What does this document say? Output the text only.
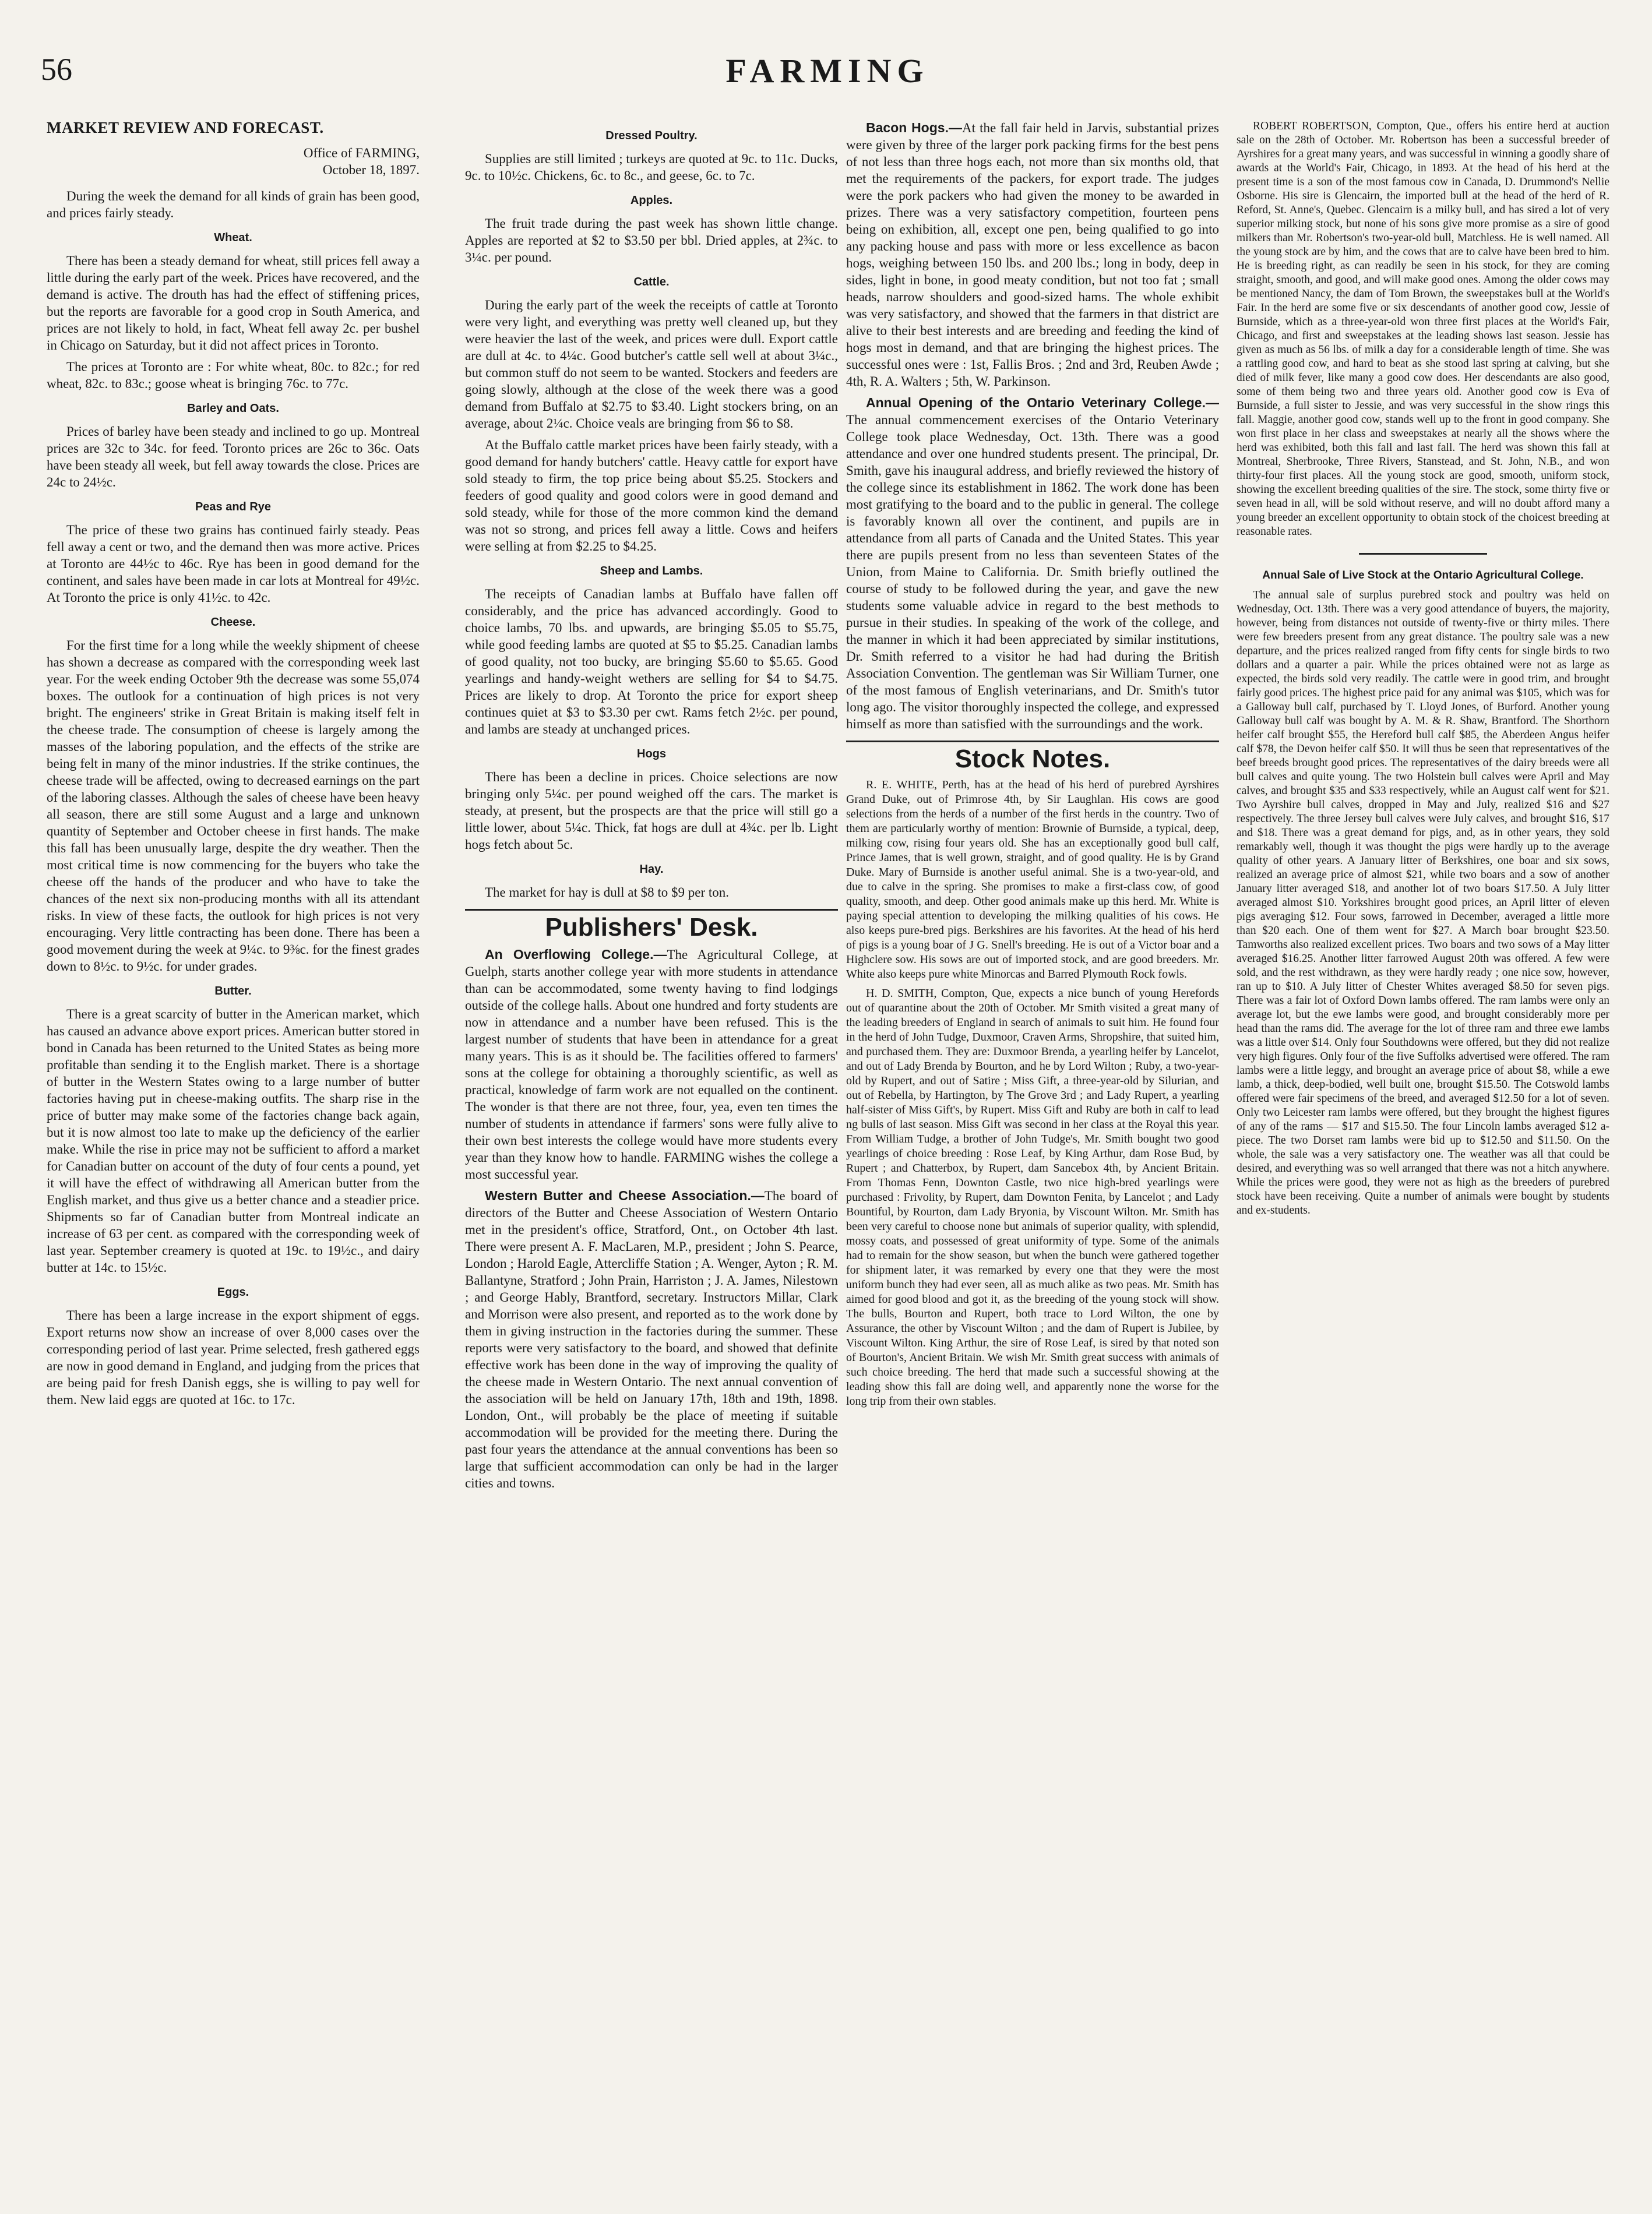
56	FARMING
MARKET REVIEW AND FORECAST.
Office of FARMING,
October 18, 1897.

During the week the demand for all kinds of grain has been good, and prices fairly steady.

Wheat.

There has been a steady demand for wheat, still prices fell away a little during the early part of the week. Prices have recovered, and the demand is active. The drouth has had the effect of stiffening prices, but the reports are favorable for a good crop in South America, and prices are not likely to hold, in fact, Wheat fell away 2c. per bushel in Chicago on Saturday, but it did not affect prices in Toronto.

The prices at Toronto are : For white wheat, 80c. to 82c.; for red wheat, 82c. to 83c.; goose wheat is bringing 76c. to 77c.

Barley and Oats.

Prices of barley have been steady and inclined to go up. Montreal prices are 32c to 34c. for feed. Toronto prices are 26c to 36c. Oats have been steady all week, but fell away towards the close. Prices are 24c to 24½c.

Peas and Rye

The price of these two grains has continued fairly steady. Peas fell away a cent or two, and the demand then was more active. Prices at Toronto are 44½c to 46c. Rye has been in good demand for the continent, and sales have been made in car lots at Montreal for 49½c. At Toronto the price is only 41½c. to 42c.

Cheese.

For the first time for a long while the weekly shipment of cheese has shown a decrease as compared with the corresponding week last year. For the week ending October 9th the decrease was some 55,074 boxes. The outlook for a continuation of high prices is not very bright. The engineers' strike in Great Britain is making itself felt in the cheese trade. The consumption of cheese is largely among the masses of the laboring population, and the effects of the strike are being felt in many of the minor industries. If the strike continues, the cheese trade will be affected, owing to decreased earnings on the part of the laboring classes. Although the sales of cheese have been heavy all season, there are still some August and a large and unknown quantity of September and October cheese in first hands. The make this fall has been unusually large, despite the dry weather. Then the most critical time is now commencing for the buyers who take the cheese off the hands of the producer and who have to take the chances of the next six non-producing months with all its attendant risks. In view of these facts, the outlook for high prices is not very encouraging. Very little contracting has been done. There has been a good movement during the week at 9¼c. to 9⅜c. for the finest grades down to 8½c. to 9½c. for under grades.

Butter.

There is a great scarcity of butter in the American market, which has caused an advance above export prices. American butter stored in bond in Canada has been returned to the United States as being more profitable than sending it to the English market. There is a shortage of butter in the Western States owing to a large number of butter factories having put in cheese-making outfits. The sharp rise in the price of butter may make some of the factories change back again, but it is now almost too late to make up the deficiency of the earlier make. While the rise in price may not be sufficient to afford a market for Canadian butter on account of the duty of four cents a pound, yet it will have the effect of withdrawing all American butter from the English market, and thus give us a better chance and a steadier price. Shipments so far of Canadian butter from Montreal indicate an increase of 63 per cent. as compared with the corresponding week of last year. September creamery is quoted at 19c. to 19½c., and dairy butter at 14c. to 15½c.

Eggs.

There has been a large increase in the export shipment of eggs. Export returns now show an increase of over 8,000 cases over the corresponding period of last year. Prime selected, fresh gathered eggs are now in good demand in England, and judging from the prices that are being paid for fresh Danish eggs, she is willing to pay well for them. New laid eggs are quoted at 16c. to 17c.

Dressed Poultry.

Supplies are still limited ; turkeys are quoted at 9c. to 11c. Ducks, 9c. to 10½c. Chickens, 6c. to 8c., and geese, 6c. to 7c.

Apples.

The fruit trade during the past week has shown little change. Apples are reported at $2 to $3.50 per bbl. Dried apples, at 2¾c. to 3¼c. per pound.

Cattle.

During the early part of the week the receipts of cattle at Toronto were very light, and everything was pretty well cleaned up, but they were heavier the last of the week, and prices were dull. Export cattle are dull at 4c. to 4¼c. Good butcher's cattle sell well at about 3¼c., but common stuff do not seem to be wanted. Stockers and feeders are going slowly, although at the close of the week there was a good demand from Buffalo at $2.75 to $3.40. Light stockers bring, on an average, about 2¼c. Choice veals are bringing from $6 to $8.

At the Buffalo cattle market prices have been fairly steady, with a good demand for handy butchers' cattle. Heavy cattle for export have sold steady to firm, the top price being about $5.25. Stockers and feeders of good quality and good colors were in good demand and sold steady, while for those of the more common kind the demand was not so strong, and prices fell away a little. Cows and heifers were selling at from $2.25 to $4.25.

Sheep and Lambs.

The receipts of Canadian lambs at Buffalo have fallen off considerably, and the price has advanced accordingly. Good to choice lambs, 70 lbs. and upwards, are bringing $5.05 to $5.75, while good feeding lambs are quoted at $5 to $5.25. Canadian lambs of good quality, not too bucky, are bringing $5.60 to $5.65. Good yearlings and handy-weight wethers are selling for $4 to $4.75. Prices are likely to drop. At Toronto the price for export sheep continues quiet at $3 to $3.30 per cwt. Rams fetch 2½c. per pound, and lambs are steady at unchanged prices.

Hogs

There has been a decline in prices. Choice selections are now bringing only 5¼c. per pound weighed off the cars. The market is steady, at present, but the prospects are that the price will still go a little lower, about 5¼c. Thick, fat hogs are dull at 4¾c. per lb. Light hogs fetch about 5c.

Hay.

The market for hay is dull at $8 to $9 per ton.

Publishers' Desk.

An Overflowing College.—The Agricultural College, at Guelph, starts another college year with more students in attendance than can be accommodated, some twenty having to find lodgings outside of the college halls. About one hundred and forty students are now in attendance and a number have been refused. This is the largest number of students that have been in attendance for a great many years. This is as it should be. The facilities offered to farmers' sons at the college for obtaining a thoroughly scientific, as well as practical, knowledge of farm work are not equalled on the continent. The wonder is that there are not three, four, yea, even ten times the number of students in attendance if farmers' sons were fully alive to their own best interests the college would have more students every year than they know how to handle. FARMING wishes the college a most successful year.

Western Butter and Cheese Association.—The board of directors of the Butter and Cheese Association of Western Ontario met in the president's office, Stratford, Ont., on October 4th last. There were present A. F. MacLaren, M.P., president ; John S. Pearce, London ; Harold Eagle, Attercliffe Station ; A. Wenger, Ayton ; R. M. Ballantyne, Stratford ; John Prain, Harriston ; J. A. James, Nilestown ; and George Hably, Brantford, secretary. Instructors Millar, Clark and Morrison were also present, and reported as to the work done by them in giving instruction in the factories during the summer. These reports were very satisfactory to the board, and showed that definite effective work has been done in the way of improving the quality of the cheese made in Western Ontario. The next annual convention of the association will be held on January 17th, 18th and 19th, 1898. London, Ont., will probably be the place of meeting if suitable accommodation will be provided for the meeting there. During the past four years the attendance at the annual conventions has been so large that sufficient accommodation can only be had in the larger cities and towns.

Bacon Hogs.—At the fall fair held in Jarvis, substantial prizes were given by three of the larger pork packing firms for the best pens of not less than three hogs each, not more than six months old, that met the requirements of the packers, for export trade. The judges were the pork packers who had given the money to be awarded in prizes. There was a very satisfactory competition, fourteen pens being on exhibition, all, except one pen, being qualified to go into any packing house and pass with more or less excellence as bacon hogs, weighing between 150 lbs. and 200 lbs.; long in body, deep in sides, light in bone, in good meaty condition, but not too fat ; small heads, narrow shoulders and good-sized hams. The whole exhibit was very satisfactory, and showed that the farmers in that district are alive to their best interests and are breeding and feeding the kind of hogs most in demand, and that are bringing the highest prices. The successful ones were : 1st, Fallis Bros. ; 2nd and 3rd, Reuben Awde ; 4th, R. A. Walters ; 5th, W. Parkinson.

Annual Opening of the Ontario Veterinary College.—The annual commencement exercises of the Ontario Veterinary College took place Wednesday, Oct. 13th. There was a good attendance and over one hundred students present. The principal, Dr. Smith, gave his inaugural address, and briefly reviewed the history of the college since its establishment in 1862. The work done has been most gratifying to the board and to the public in general. The college is favorably known all over the continent, and pupils are in attendance from all parts of Canada and the United States. This year there are pupils present from no less than seventeen States of the Union, from Maine to California. Dr. Smith briefly outlined the course of study to be followed during the year, and gave the new students some valuable advice in regard to the best methods to pursue in their studies. In speaking of the work of the college, and the manner in which it had been appreciated by similar institutions, Dr. Smith referred to a visitor he had had during the British Association Convention. The gentleman was Sir William Turner, one of the most famous of English veterinarians, and Dr. Smith's tutor long ago. The visitor thoroughly inspected the college, and expressed himself as more than satisfied with the surroundings and the work.

Stock Notes.

R. E. WHITE, Perth, has at the head of his herd of purebred Ayrshires Grand Duke, out of Primrose 4th, by Sir Laughlan. His cows are good selections from the herds of a number of the first herds in the country. Two of them are particularly worthy of mention: Brownie of Burnside, a typical, deep, milking cow, rising four years old. She has an exceptionally good bull calf, Prince James, that is well grown, straight, and of good quality. He is by Grand Duke. Mary of Burnside is another useful animal. She is a two-year-old, and due to calve in the spring. She promises to make a first-class cow, of good quality, smooth, and deep. Other good animals make up this herd. Mr. White is paying special attention to developing the milking qualities of his cows. He also keeps pure-bred pigs. Berkshires are his favorites. At the head of his herd of pigs is a young boar of J G. Snell's breeding. He is out of a Victor boar and a Highclere sow. His sows are out of imported stock, and are good breeders. Mr. White also keeps pure white Minorcas and Barred Plymouth Rock fowls.

H. D. SMITH, Compton, Que, expects a nice bunch of young Herefords out of quarantine about the 20th of October. Mr Smith visited a great many of the leading breeders of England in search of animals to suit him. He found four in the herd of John Tudge, Duxmoor, Craven Arms, Shropshire, that suited him, and purchased them. They are: Duxmoor Brenda, a yearling heifer by Lancelot, and out of Lady Brenda by Bourton, and he by Lord Wilton ; Ruby, a two-year-old by Rupert, and out of Satire ; Miss Gift, a three-year-old by Silurian, and out of Rebella, by Hartington, by The Grove 3rd ; and Lady Rupert, a yearling half-sister of Miss Gift's, by Rupert. Miss Gift and Ruby are both in calf to lead ng bulls of last season. Miss Gift was second in her class at the Royal this year. From William Tudge, a brother of John Tudge's, Mr. Smith bought two good yearlings of choice breeding : Rose Leaf, by King Arthur, dam Rose Bud, by Rupert ; and Chatterbox, by Rupert, dam Sancebox 4th, by Ancient Britain. From Thomas Fenn, Downton Castle, two nice high-bred yearlings were purchased : Frivolity, by Rupert, dam Downton Fenita, by Lancelot ; and Lady Bountiful, by Rourton, dam Lady Bryonia, by Viscount Wilton. Mr. Smith has been very careful to choose none but animals of superior quality, with splendid, mossy coats, and possessed of great uniformity of type. Some of the animals had to remain for the show season, but when the bunch were gathered together for shipment later, it was remarked by every one that they were the most uniform bunch they had ever seen, all as much alike as two peas. Mr. Smith has aimed for good blood and got it, as the breeding of the young stock will show. The bulls, Bourton and Rupert, both trace to Lord Wilton, the one by Assurance, the other by Viscount Wilton ; and the dam of Rupert is Jubilee, by Viscount Wilton. King Arthur, the sire of Rose Leaf, is sired by that noted son of Bourton's, Ancient Britain. We wish Mr. Smith great success with animals of such choice breeding. The herd that made such a successful showing at the leading show this fall are doing well, and apparently none the worse for the long trip from their own stables.

ROBERT ROBERTSON, Compton, Que., offers his entire herd at auction sale on the 28th of October. Mr. Robertson has been a successful breeder of Ayrshires for a great many years, and was successful in winning a goodly share of awards at the World's Fair, Chicago, in 1893. At the head of his herd at the present time is a son of the most famous cow in Canada, D. Drummond's Nellie Osborne. His sire is Glencairn, the imported bull at the head of the herd of R. Reford, St. Anne's, Quebec. Glencairn is a milky bull, and has sired a lot of very superior milking stock, but none of his sons give more promise as a sire of good milkers than Mr. Robertson's two-year-old bull, Matchless. He is well named. All the young stock are by him, and the cows that are to calve have been bred to him. He is breeding right, as can readily be seen in his stock, for they are coming straight, smooth, and good, and will make good ones. Among the older cows may be mentioned Nancy, the dam of Tom Brown, the sweepstakes bull at the World's Fair. In the herd are some five or six descendants of another good cow, Jessie of Burnside, which as a three-year-old won three first places at the World's Fair, Chicago, and first and sweepstakes at the leading shows last season. Jessie has given as much as 56 lbs. of milk a day for a considerable length of time. She was a rattling good cow, and hard to beat as she stood last spring at calving, but she died of milk fever, like many a good cow does. Her descendants are also good, some of them being two and three years old. Another good cow is Eva of Burnside, a full sister to Jessie, and was very successful in the show rings this fall. Maggie, another good cow, stands well up to the front in good company. She won first place in her class and sweepstakes at nearly all the shows where the herd was exhibited, both this fall and last fall. The herd was shown this fall at Montreal, Sherbrooke, Three Rivers, Stanstead, and St. John, N.B., and won thirty-four first places. All the young stock are good, smooth, uniform stock, showing the excellent breeding qualities of the sire. The stock, some thirty five or seven head in all, will be sold without reserve, and will no doubt afford many a young breeder an excellent opportunity to obtain stock of the choicest breeding at reasonable rates.

Annual Sale of Live Stock at the Ontario Agricultural College.

The annual sale of surplus purebred stock and poultry was held on Wednesday, Oct. 13th. There was a very good attendance of buyers, the majority, however, being from distances not outside of twenty-five or thirty miles. There were few breeders present from any great distance. The poultry sale was a new departure, and the prices realized ranged from fifty cents for single birds to two dollars and a quarter a pair. While the prices obtained were not as large as expected, the birds sold very readily. The cattle were in good trim, and brought fairly good prices. The highest price paid for any animal was $105, which was for a Galloway bull calf, purchased by T. Lloyd Jones, of Burford. Another young Galloway bull calf was bought by A. M. & R. Shaw, Brantford. The Shorthorn heifer calf brought $55, the Hereford bull calf $85, the Aberdeen Angus heifer calf $78, the Devon heifer calf $50. It will thus be seen that representatives of the beef breeds brought good prices. The representatives of the dairy breeds were all bull calves and quite young. The two Holstein bull calves were April and May calves, and brought $35 and $33 respectively, while an August calf went for $21. Two Ayrshire bull calves, dropped in May and July, realized $16 and $27 respectively. The three Jersey bull calves were July calves, and brought $16, $17 and $18. There was a great demand for pigs, and, as in other years, they sold remarkably well, though it was thought the pigs were hardly up to the average quality of other years. A January litter of Berkshires, one boar and six sows, realized an average price of almost $21, while two boars and a sow of another January litter averaged $18, and another lot of two boars $17.50. A July litter averaged almost $10. Yorkshires brought good prices, an April litter of eleven pigs averaging $12. Four sows, farrowed in December, averaged a little more than $20 each. One of them went for $27. A March boar brought $23.50. Tamworths also realized excellent prices. Two boars and two sows of a May litter averaged $16.25. Another litter farrowed August 20th was offered. A few were sold, and the rest withdrawn, as they were hardly ready ; one nice sow, however, ran up to $10. A July litter of Chester Whites averaged $8.50 for seven pigs. There was a fair lot of Oxford Down lambs offered. The ram lambs were only an average lot, but the ewe lambs were good, and brought considerably more per head than the rams did. The average for the lot of three ram and three ewe lambs was a little over $14. Only four Southdowns were offered, but they did not realize very high figures. Only four of the five Suffolks advertised were offered. The ram lambs were a little leggy, and brought an average price of about $8, while a ewe lamb, a thick, deep-bodied, well built one, brought $15.50. The Cotswold lambs offered were fair specimens of the breed, and averaged $12.50 for a lot of seven. Only two Leicester ram lambs were offered, but they brought the highest figures of any of the rams — $17 and $15.50. The four Lincoln lambs averaged $12 a-piece. The two Dorset ram lambs were bid up to $12.50 and $11.50. On the whole, the sale was a very satisfactory one. The weather was all that could be desired, and everything was so well arranged that there was not a hitch anywhere. While the prices were good, they were not as high as the breeders of purebred stock have been receiving. Quite a number of animals were bought by students and ex-students.
